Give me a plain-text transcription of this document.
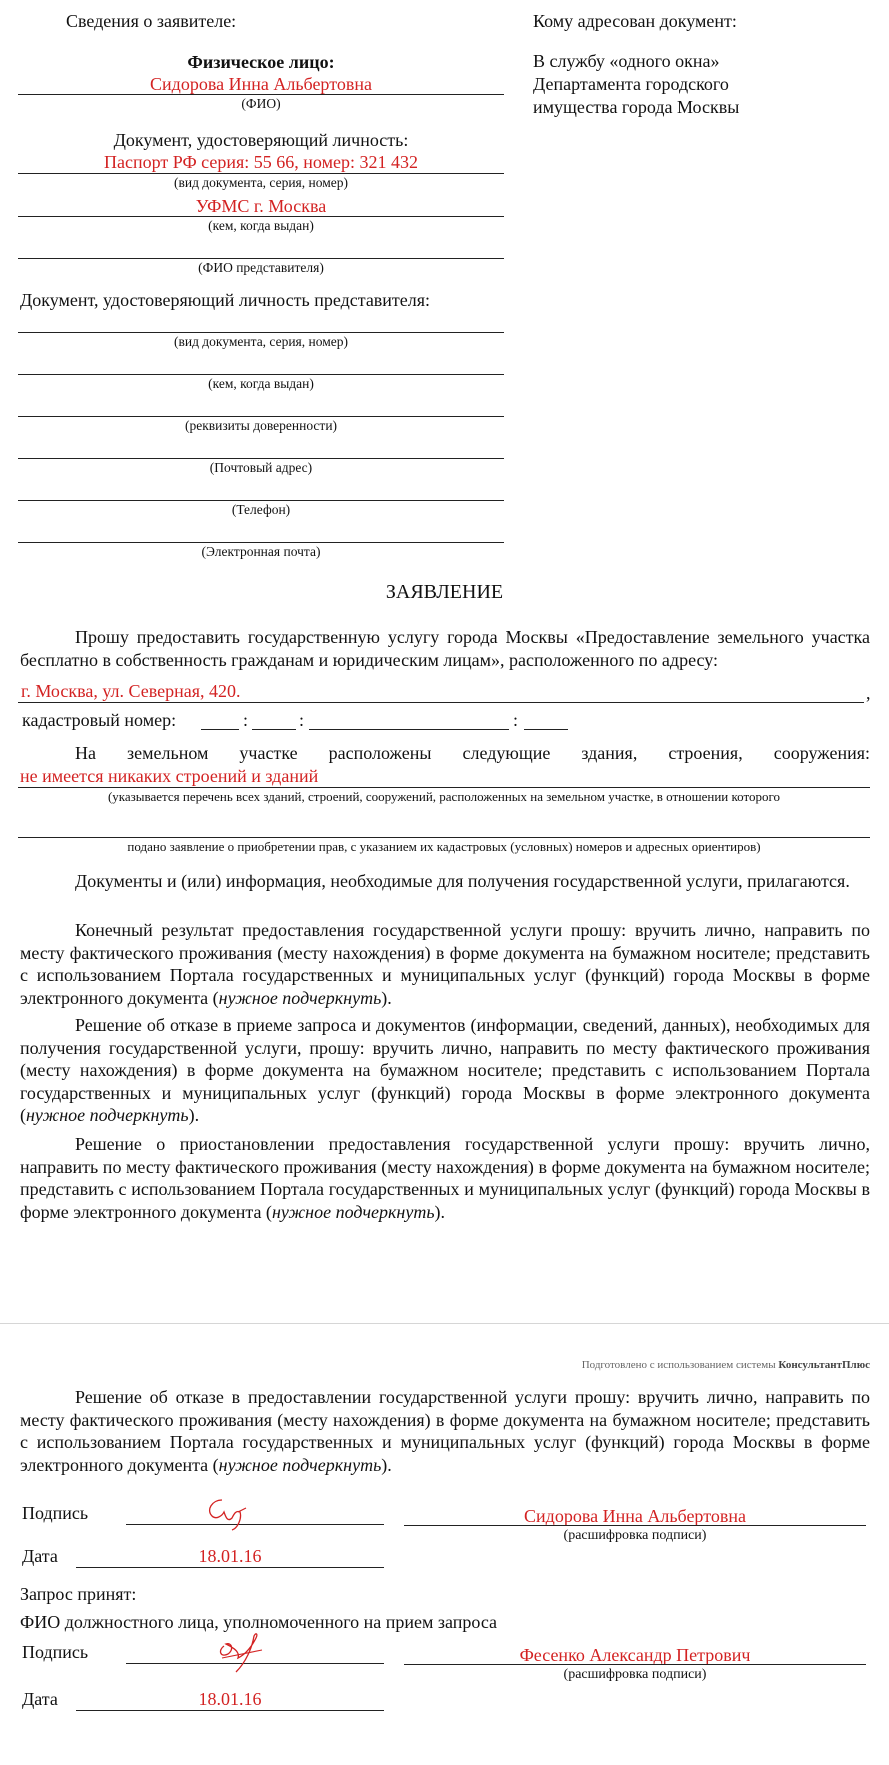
Сведения о заявителе:
Физическое лицо:
Сидорова Инна Альбертовна
(ФИО)
Документ, удостоверяющий личность:
Паспорт РФ серия: 55 66, номер: 321 432
(вид документа, серия, номер)
УФМС г. Москва
(кем, когда выдан)
(ФИО представителя)
Документ, удостоверяющий личность представителя:
(вид документа, серия, номер)
(кем, когда выдан)
(реквизиты доверенности)
(Почтовый адрес)
(Телефон)
(Электронная почта)
Кому адресован документ:
В службу «одного окна»
Департамента городского
имущества города Москвы
ЗАЯВЛЕНИЕ
Прошу предоставить государственную услугу города Москвы «Предоставление земельного участка бесплатно в собственность гражданам и юридическим лицам», расположенного по адресу:
г. Москва, ул. Северная, 420.	,
кадастровый номер:	:	:	:
На земельном участке расположены следующие здания, строения, сооружения:
не имеется никаких строений и зданий
(указывается перечень всех зданий, строений, сооружений, расположенных на земельном участке, в отношении которого
подано заявление о приобретении прав, с указанием их кадастровых (условных) номеров и адресных ориентиров)
Документы и (или) информация, необходимые для получения государственной услуги, прилагаются.
Конечный результат предоставления государственной услуги прошу: вручить лично, направить по месту фактического проживания (месту нахождения) в форме документа на бумажном носителе; представить с использованием Портала государственных и муниципальных услуг (функций) города Москвы в форме электронного документа (нужное подчеркнуть).
Решение об отказе в приеме запроса и документов (информации, сведений, данных), необходимых для получения государственной услуги, прошу: вручить лично, направить по месту фактического проживания (месту нахождения) в форме документа на бумажном носителе; представить с использованием Портала государственных и муниципальных услуг (функций) города Москвы в форме электронного документа (нужное подчеркнуть).
Решение о приостановлении предоставления государственной услуги прошу: вручить лично, направить по месту фактического проживания (месту нахождения) в форме документа на бумажном носителе; представить с использованием Портала государственных и муниципальных услуг (функций) города Москвы в форме электронного документа (нужное подчеркнуть).
Подготовлено с использованием системы КонсультантПлюс
Решение об отказе в предоставлении государственной услуги прошу: вручить лично, направить по месту фактического проживания (месту нахождения) в форме документа на бумажном носителе; представить с использованием Портала государственных и муниципальных услуг (функций) города Москвы в форме электронного документа (нужное подчеркнуть).
Подпись	Сидорова Инна Альбертовна
(расшифровка подписи)
Дата	18.01.16
Запрос принят:
ФИО должностного лица, уполномоченного на прием запроса
Подпись	Фесенко Александр Петрович
(расшифровка подписи)
Дата	18.01.16
